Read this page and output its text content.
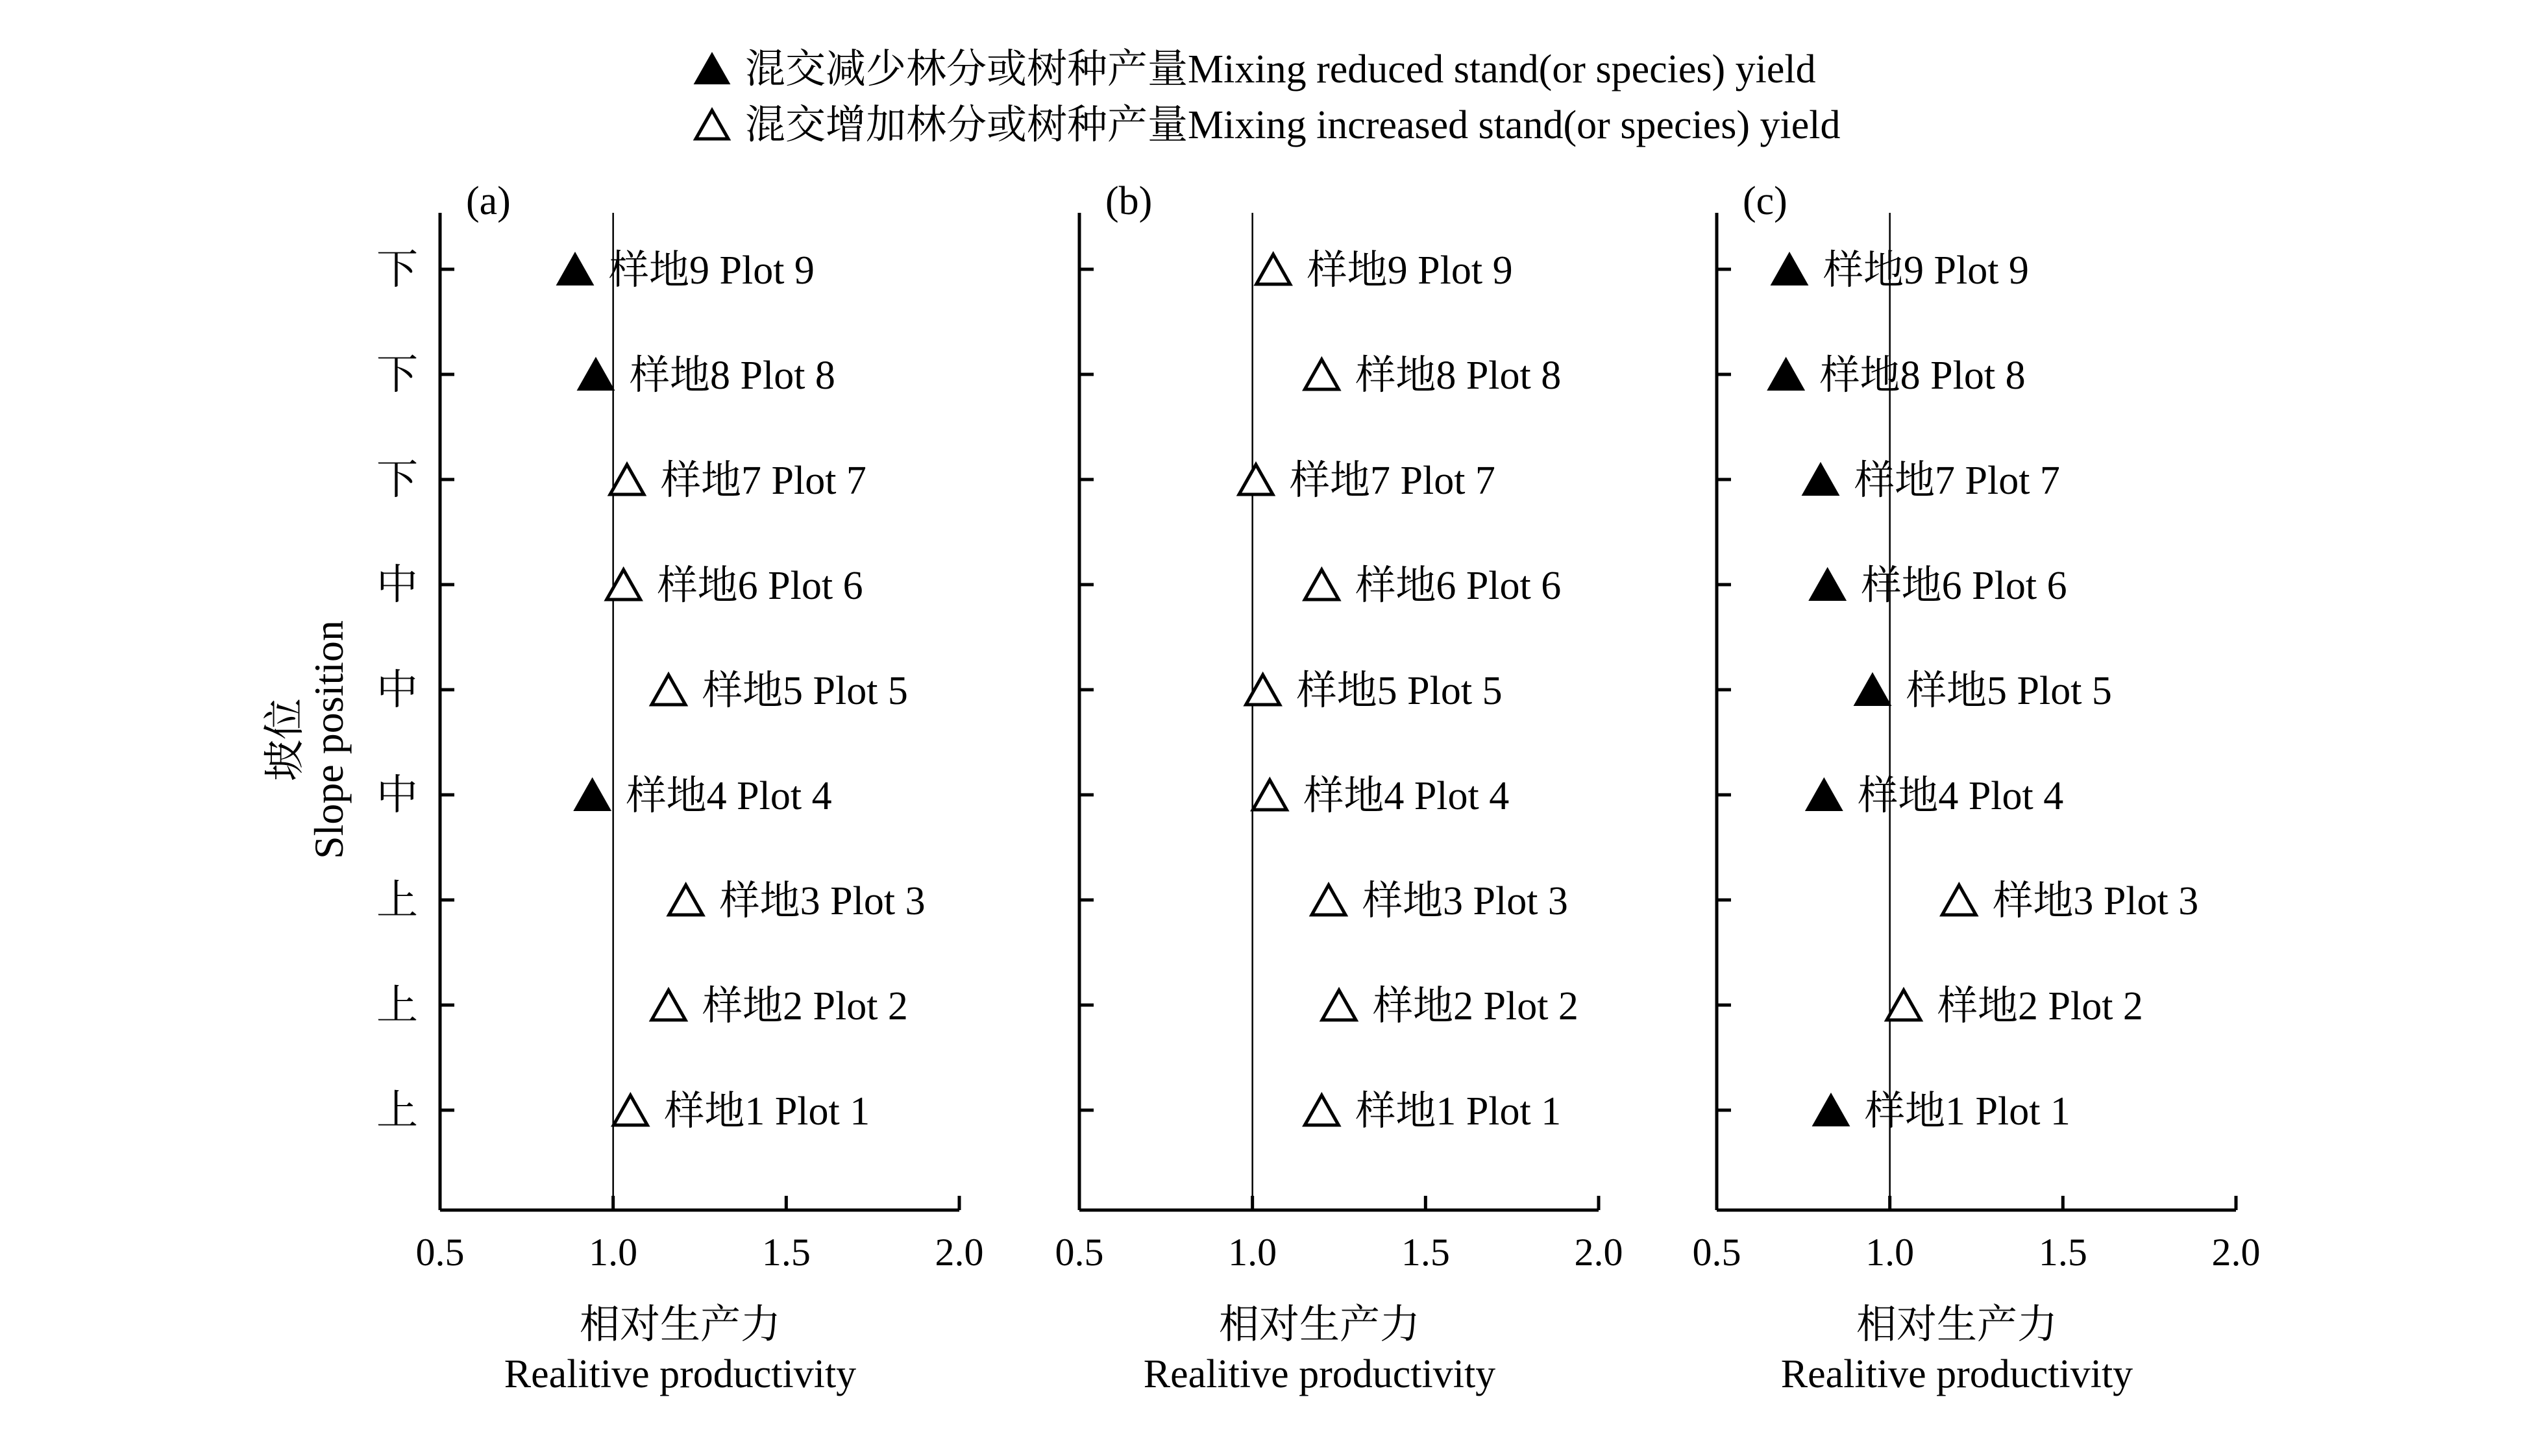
混交减少林分或树种产量Mixing reduced stand(or species) yield
混交增加林分或树种产量Mixing increased stand(or species) yield
坡位
Slope position
下
下
下
中
中
中
上
上
上
(a)
0.5	1.0	1.5	2.0
样地9 Plot 9
样地8 Plot 8
样地7 Plot 7
样地6 Plot 6
样地5 Plot 5
样地4 Plot 4
样地3 Plot 3
样地2 Plot 2
样地1 Plot 1
相对生产力
Realitive productivity
(b)
0.5	1.0	1.5	2.0
样地9 Plot 9
样地8 Plot 8
样地7 Plot 7
样地6 Plot 6
样地5 Plot 5
样地4 Plot 4
样地3 Plot 3
样地2 Plot 2
样地1 Plot 1
相对生产力
Realitive productivity
(c)
0.5	1.0	1.5	2.0
样地9 Plot 9
样地8 Plot 8
样地7 Plot 7
样地6 Plot 6
样地5 Plot 5
样地4 Plot 4
样地3 Plot 3
样地2 Plot 2
样地1 Plot 1
相对生产力
Realitive productivity
